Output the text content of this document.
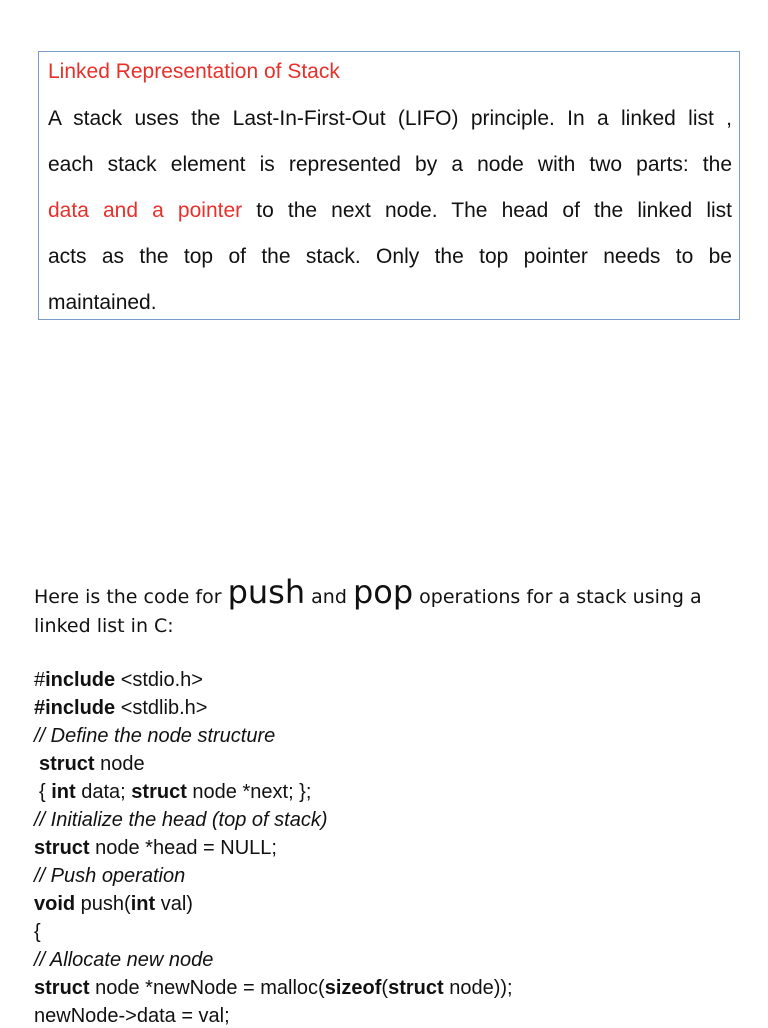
Linked Representation of Stack
A stack uses the Last-In-First-Out (LIFO) principle. In a linked list ,
each stack element is represented by a node with two parts: the
data and a pointer to the next node. The head of the linked list
acts as the top of the stack. Only the top pointer needs to be
maintained.
Here is the code for push and pop operations for a stack using a linked list in C:
#include <stdio.h>
#include <stdlib.h>
// Define the node structure
struct node
{ int data; struct node *next; };
// Initialize the head (top of stack)
struct node *head = NULL;
// Push operation
void push(int val)
{
// Allocate new node
struct node *newNode = malloc(sizeof(struct node));
newNode->data = val;
